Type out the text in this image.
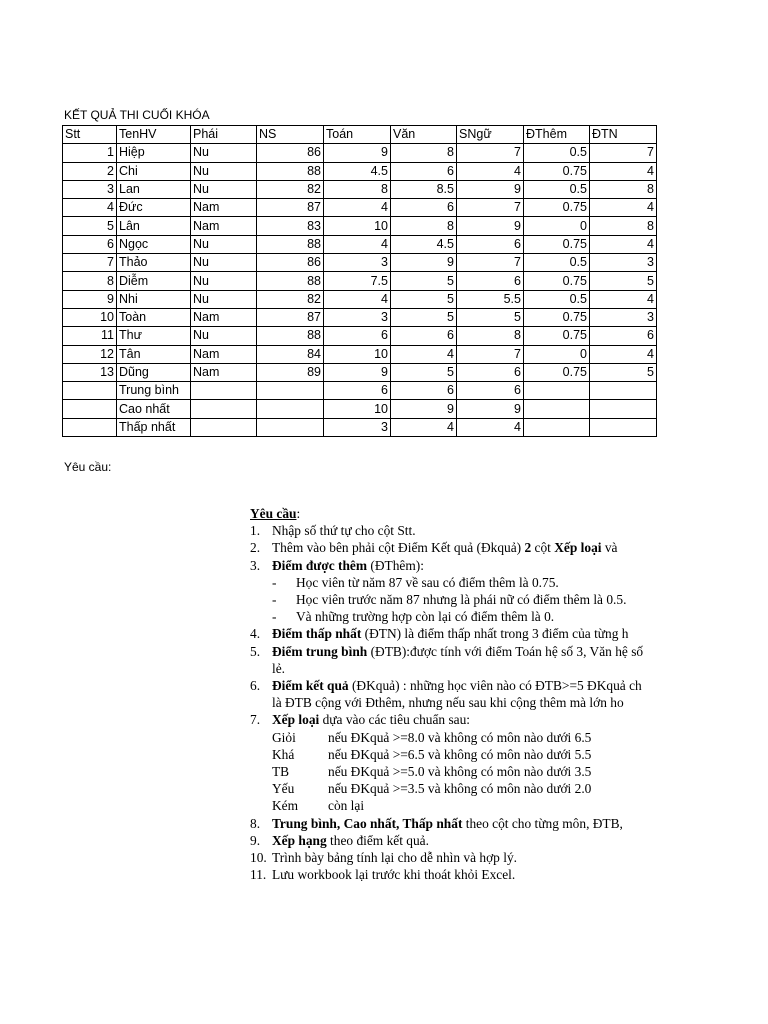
KẾT QUẢ THI CUỐI KHÓA
Stt	TenHV	Phái	NS	Toán	Văn	SNgữ	ĐThêm	ĐTN
1	Hiệp	Nu	86	9	8	7	0.5	7
2	Chi	Nu	88	4.5	6	4	0.75	4
3	Lan	Nu	82	8	8.5	9	0.5	8
4	Đức	Nam	87	4	6	7	0.75	4
5	Lân	Nam	83	10	8	9	0	8
6	Ngọc	Nu	88	4	4.5	6	0.75	4
7	Thảo	Nu	86	3	9	7	0.5	3
8	Diễm	Nu	88	7.5	5	6	0.75	5
9	Nhi	Nu	82	4	5	5.5	0.5	4
10	Toàn	Nam	87	3	5	5	0.75	3
11	Thư	Nu	88	6	6	8	0.75	6
12	Tân	Nam	84	10	4	7	0	4
13	Dũng	Nam	89	9	5	6	0.75	5
	Trung bình			6	6	6		
	Cao nhất			10	9	9		
	Thấp nhất			3	4	4		
Yêu cầu:
Yêu cầu:
1. Nhập số thứ tự cho cột Stt.
2. Thêm vào bên phải cột Điểm Kết quả (Đkquả) 2 cột Xếp loại và
3. Điểm được thêm (ĐThêm):
- Học viên từ năm 87 về sau có điểm thêm là 0.75.
- Học viên trước năm 87 nhưng là phái nữ có điểm thêm là 0.5.
- Và những trường hợp còn lại có điểm thêm là 0.
4. Điểm thấp nhất (ĐTN) là điểm thấp nhất trong 3 điểm của từng h
5. Điểm trung bình (ĐTB):được tính với điểm Toán hệ số 3, Văn hệ số
lẻ.
6. Điểm kết quả (ĐKquả) : những học viên nào có ĐTB>=5 ĐKquả ch
là ĐTB cộng với Đthêm, nhưng nếu sau khi cộng thêm mà lớn ho
7. Xếp loại dựa vào các tiêu chuẩn sau:
Giỏi nếu ĐKquả >=8.0 và không có môn nào dưới 6.5
Khá	nếu ĐKquả >=6.5 và không có môn nào dưới 5.5
TB	nếu ĐKquả >=5.0 và không có môn nào dưới 3.5
Yếu	nếu ĐKquả >=3.5 và không có môn nào dưới 2.0
Kém còn lại
8. Trung bình, Cao nhất, Thấp nhất theo cột cho từng môn, ĐTB,
9. Xếp hạng theo điểm kết quả.
10. Trình bày bảng tính lại cho dễ nhìn và hợp lý.
11. Lưu workbook lại trước khi thoát khỏi Excel.
